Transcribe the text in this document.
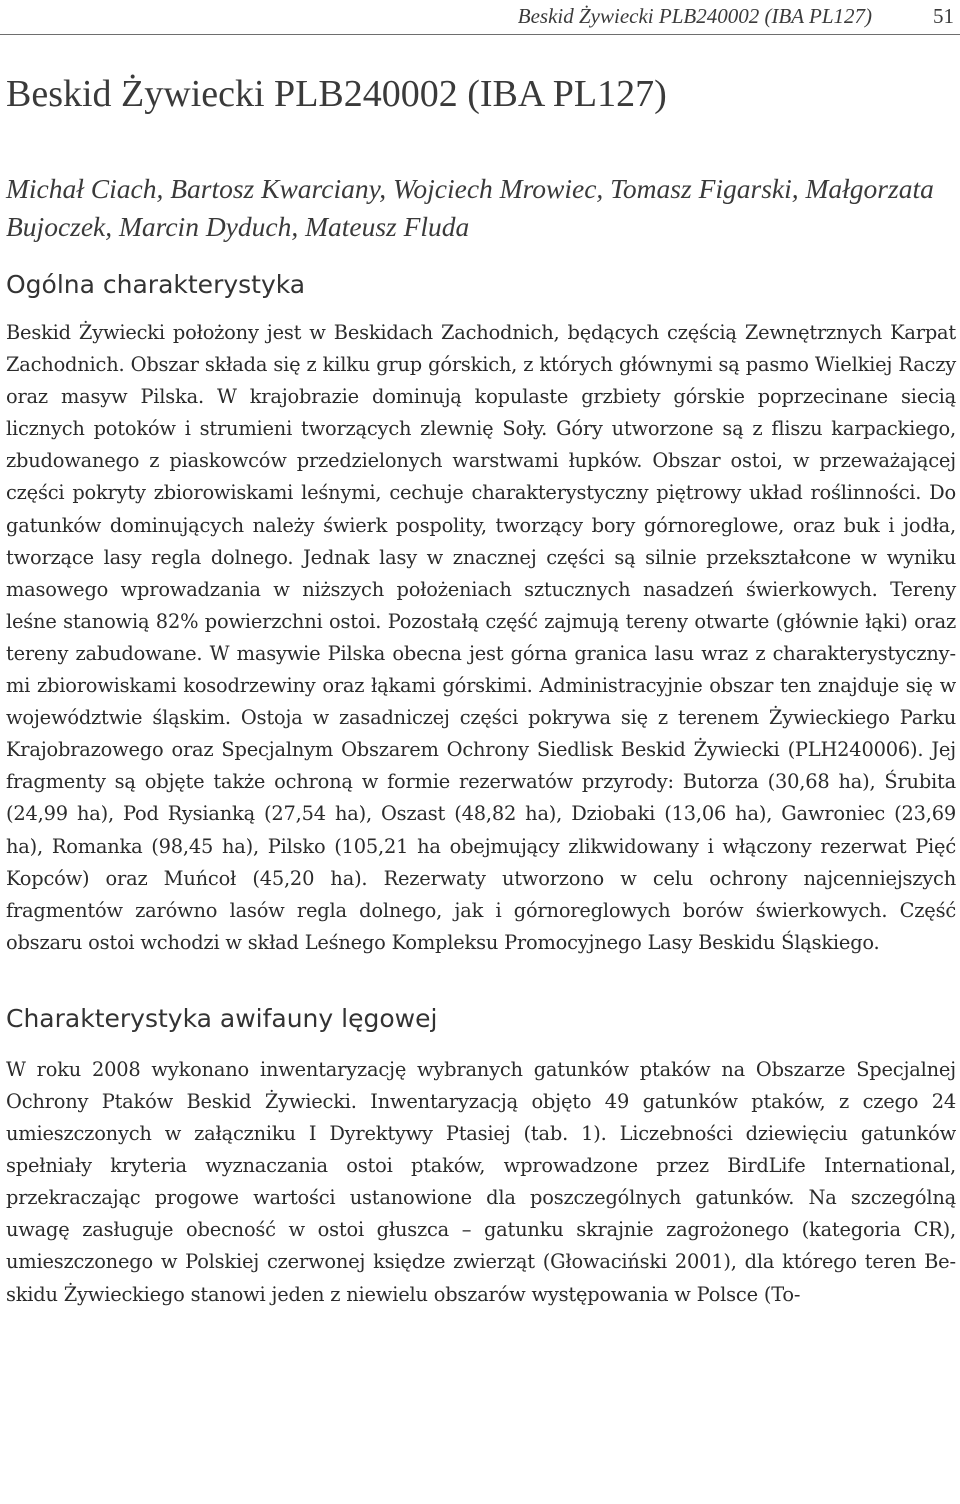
Beskid Żywiecki PLB240002 (IBA PL127)	51
Beskid Żywiecki PLB240002 (IBA PL127)

Michał Ciach, Bartosz Kwarciany, Wojciech Mrowiec, Tomasz Figarski, Małgorzata Bujoczek, Marcin Dyduch, Mateusz Fluda

Ogólna charakterystyka

Beskid Żywiecki położony jest w Beskidach Zachodnich, będących częścią Zewnętrznych Karpat Zachodnich. Obszar składa się z kilku grup górskich, z których głównymi są pasmo Wielkiej Raczy oraz masyw Pilska. W krajobrazie dominują kopulaste grzbiety górskie poprzecinane siecią licznych potoków i strumieni tworzących zlewnię Soły. Góry utworzone są z fliszu karpackiego, zbudowanego z piaskowców przedzielonych warstwami łupków. Obszar ostoi, w przeważającej części pokryty zbiorowiskami leśnymi, cechuje charakterystyczny piętrowy układ roślinności. Do gatunków dominujących należy świerk pospolity, tworzący bory górnoreglowe, oraz buk i jodła, tworzące lasy regla dolnego. Jednak lasy w znacznej części są silnie przekształcone w wyniku masowego wprowadzania w niższych położeniach sztucznych nasadzeń świerkowych. Tereny leśne stanowią 82% powierzchni ostoi. Pozostałą część zajmują tereny otwarte (głównie łąki) oraz tereny zabudowane. W masywie Pilska obecna jest górna granica lasu wraz z charakterystycznymi zbiorowiskami kosodrzewiny oraz łąkami górskimi. Administracyjnie obszar ten znajduje się w województwie śląskim. Ostoja w zasadniczej części pokrywa się z terenem Żywieckiego Parku Krajobrazowego oraz Specjalnym Obszarem Ochrony Siedlisk Beskid Żywiecki (PLH240006). Jej fragmenty są objęte także ochroną w formie rezerwatów przyrody: Butorza (30,68 ha), Śrubita (24,99 ha), Pod Rysianką (27,54 ha), Oszast (48,82 ha), Dziobaki (13,06 ha), Gawroniec (23,69 ha), Romanka (98,45 ha), Pilsko (105,21 ha obejmujący zlikwidowany i włączony rezerwat Pięć Kopców) oraz Muńcoł (45,20 ha). Rezerwaty utworzono w celu ochrony najcenniejszych fragmentów zarówno lasów regla dolnego, jak i górnoreglowych borów świerkowych. Część obszaru ostoi wchodzi w skład Leśnego Kompleksu Promocyjnego Lasy Beskidu Śląskiego.

Charakterystyka awifauny lęgowej

W roku 2008 wykonano inwentaryzację wybranych gatunków ptaków na Obszarze Specjalnej Ochrony Ptaków Beskid Żywiecki. Inwentaryzacją objęto 49 gatunków ptaków, z czego 24 umieszczonych w załączniku I Dyrektywy Ptasiej (tab. 1). Liczebności dziewięciu gatunków spełniały kryteria wyznaczania ostoi ptaków, wprowadzone przez BirdLife International, przekraczając progowe wartości ustanowione dla poszczególnych gatunków. Na szczególną uwagę zasługuje obecność w ostoi głuszca – gatunku skrajnie zagrożonego (kategoria CR), umieszczonego w Polskiej czerwonej księdze zwierząt (Głowaciński 2001), dla którego teren Beskidu Żywieckiego stanowi jeden z niewielu obszarów występowania w Polsce (To-
